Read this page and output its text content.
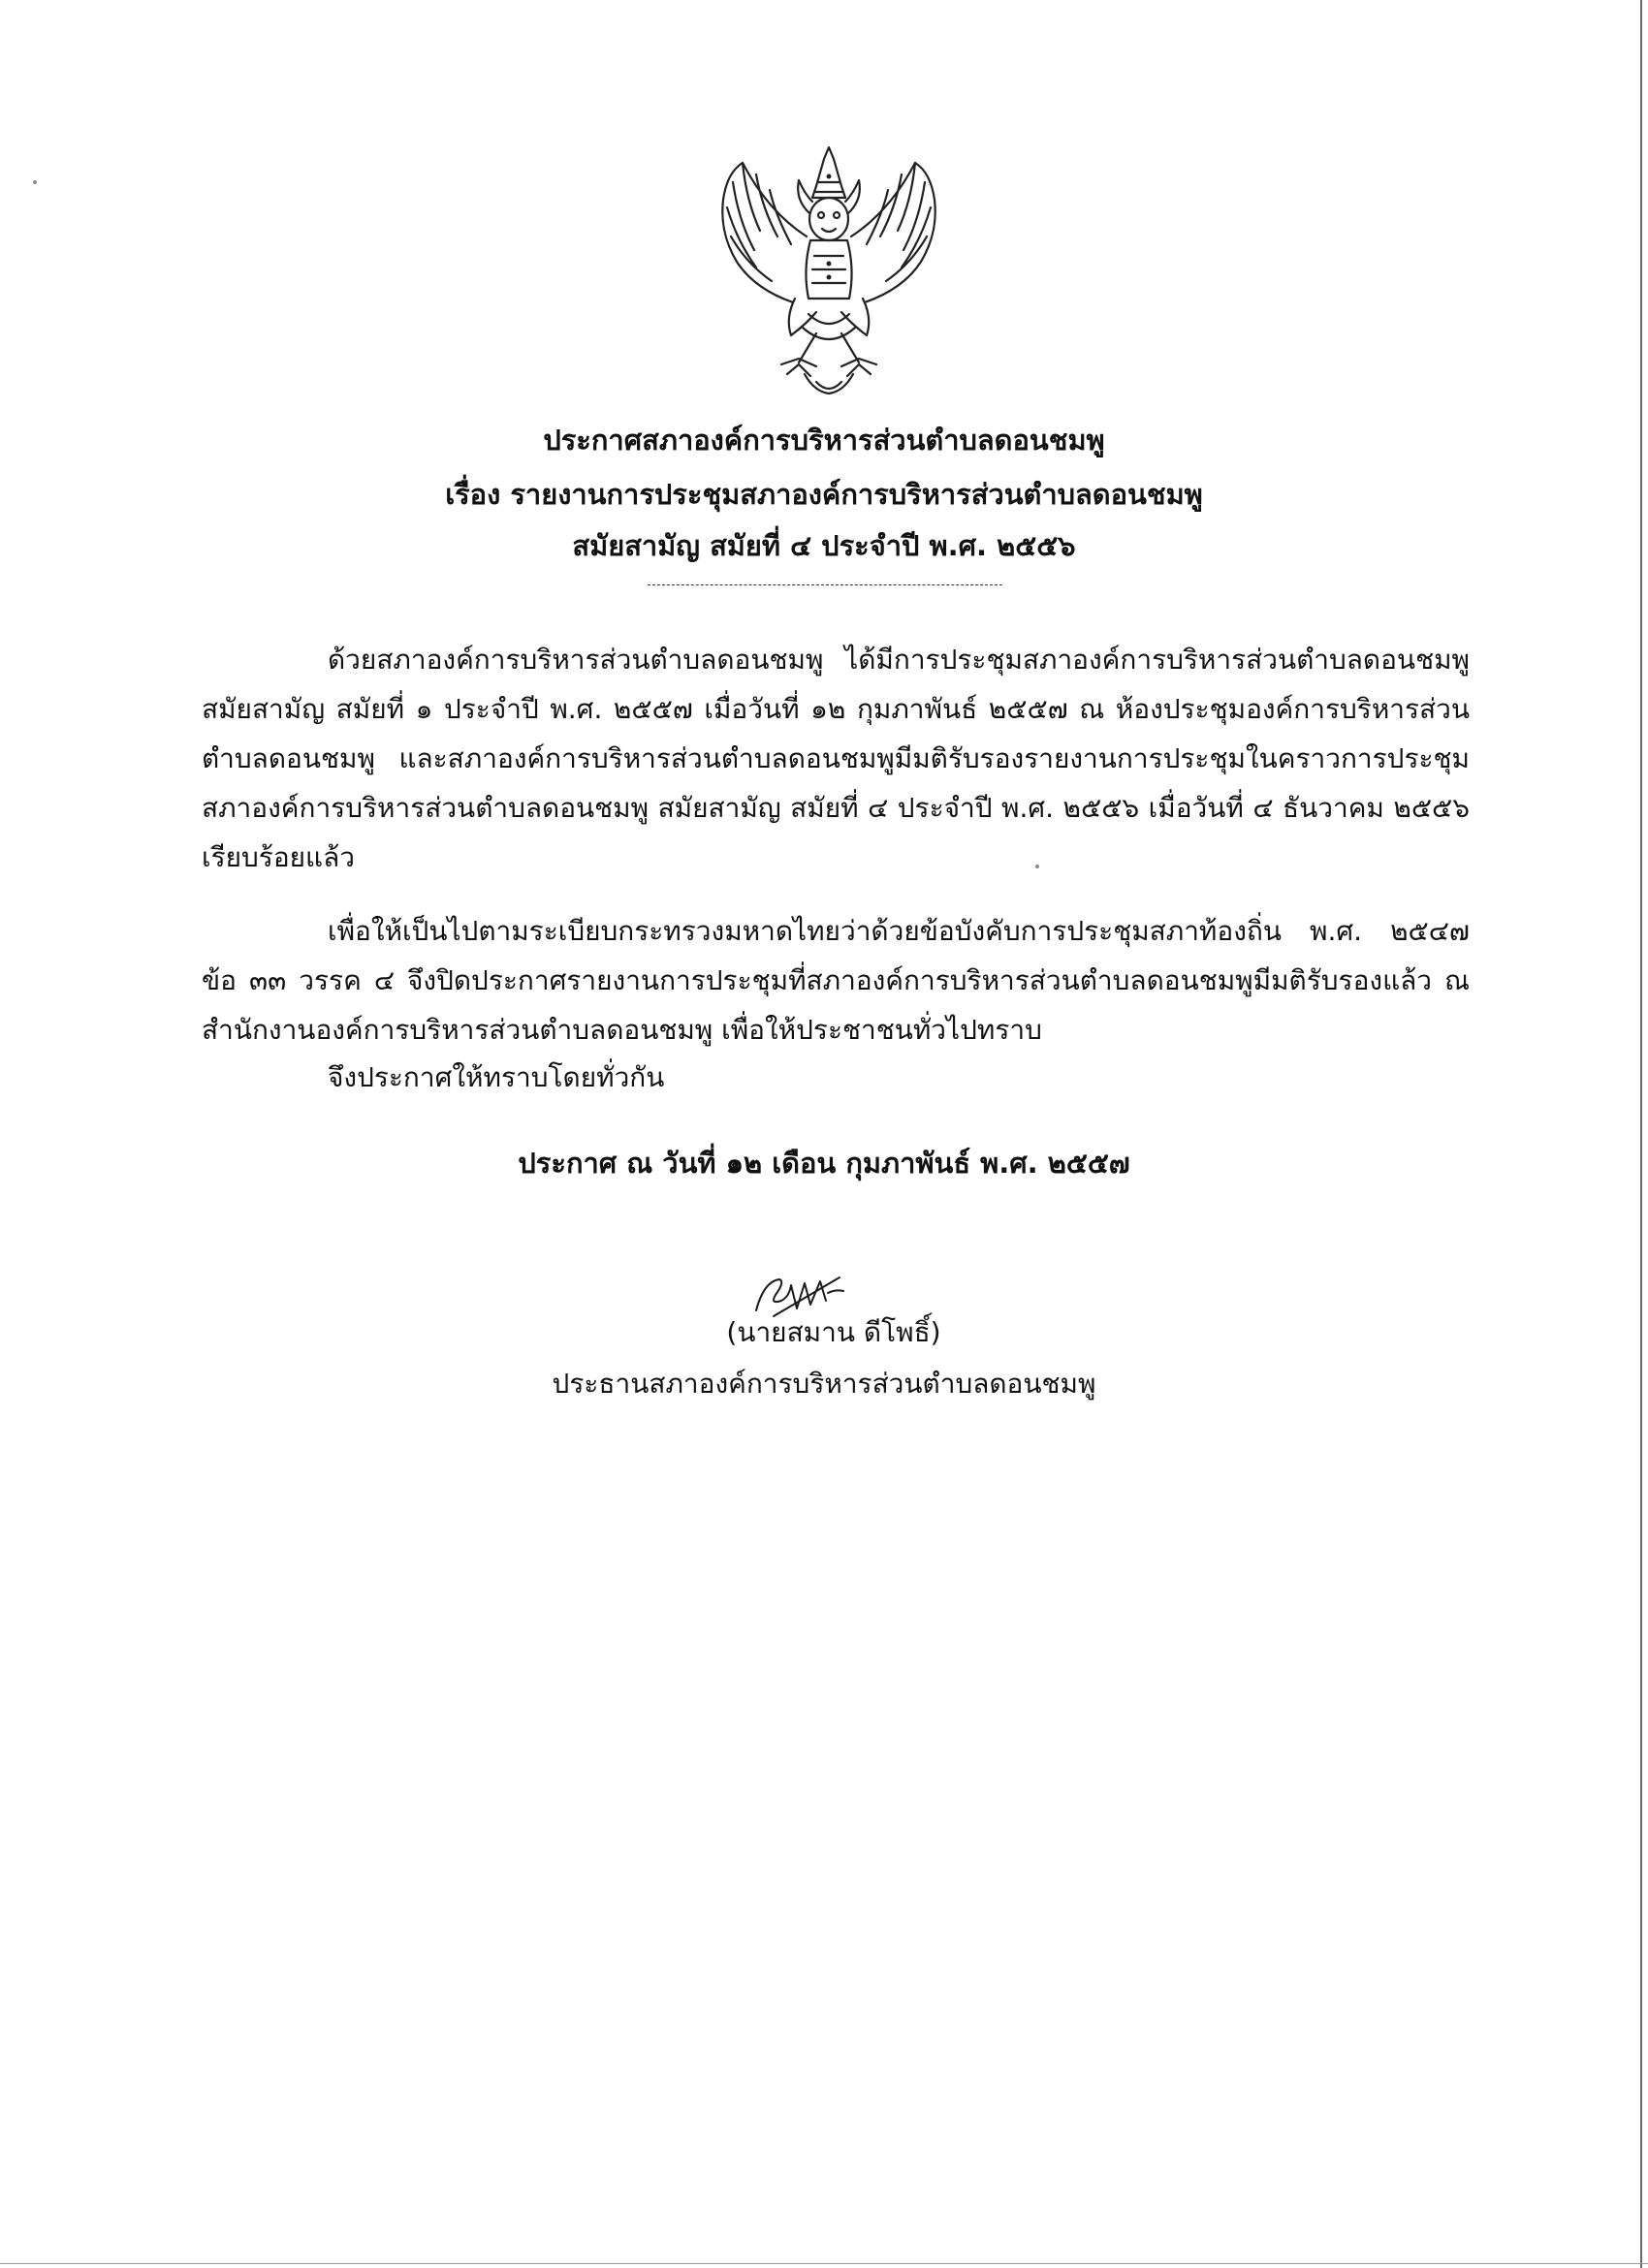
ประกาศสภาองค์การบริหารส่วนตำบลดอนชมพู
เรื่อง รายงานการประชุมสภาองค์การบริหารส่วนตำบลดอนชมพู
สมัยสามัญ สมัยที่ ๔ ประจำปี พ.ศ. ๒๕๕๖

ด้วยสภาองค์การบริหารส่วนตำบลดอนชมพู ได้มีการประชุมสภาองค์การบริหารส่วนตำบลดอนชมพู สมัยสามัญ สมัยที่ ๑ ประจำปี พ.ศ. ๒๕๕๗ เมื่อวันที่ ๑๒ กุมภาพันธ์ ๒๕๕๗ ณ ห้องประชุมองค์การบริหารส่วนตำบลดอนชมพู และสภาองค์การบริหารส่วนตำบลดอนชมพูมีมติรับรองรายงานการประชุมในคราวการประชุมสภาองค์การบริหารส่วนตำบลดอนชมพู สมัยสามัญ สมัยที่ ๔ ประจำปี พ.ศ. ๒๕๕๖ เมื่อวันที่ ๔ ธันวาคม ๒๕๕๖ เรียบร้อยแล้ว

เพื่อให้เป็นไปตามระเบียบกระทรวงมหาดไทยว่าด้วยข้อบังคับการประชุมสภาท้องถิ่น พ.ศ. ๒๕๔๗ ข้อ ๓๓ วรรค ๔ จึงปิดประกาศรายงานการประชุมที่สภาองค์การบริหารส่วนตำบลดอนชมพูมีมติรับรองแล้ว ณ สำนักงานองค์การบริหารส่วนตำบลดอนชมพู เพื่อให้ประชาชนทั่วไปทราบ

จึงประกาศให้ทราบโดยทั่วกัน
ประกาศ ณ วันที่ ๑๒ เดือน กุมภาพันธ์ พ.ศ. ๒๕๕๗
(นายสมาน ดีโพธิ์)
ประธานสภาองค์การบริหารส่วนตำบลดอนชมพู
